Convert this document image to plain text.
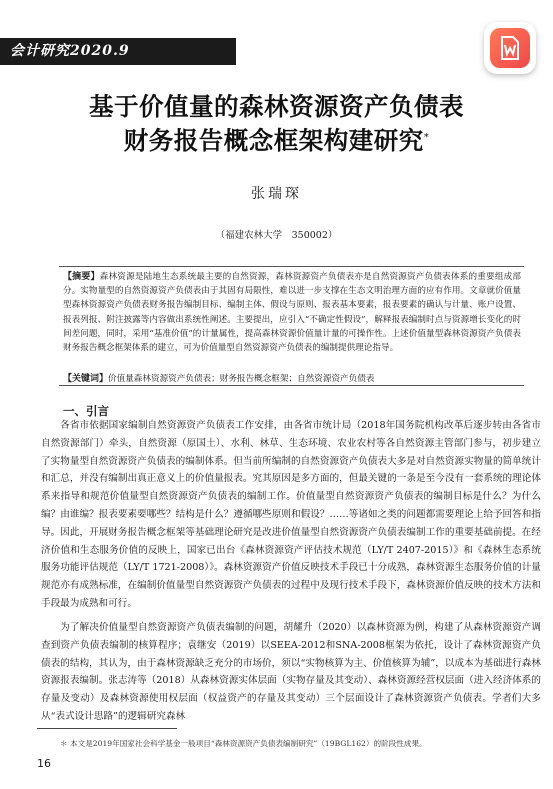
会计研究2020.9
基于价值量的森林资源资产负债表
财务报告概念框架构建研究*
张瑞琛
（福建农林大学　350002）
【摘要】森林资源是陆地生态系统最主要的自然资源，森林资源资产负债表亦是自然资源资产负债表体系的重要组成部分。实物量型的自然资源资产负债表由于其固有局限性，难以进一步支撑在生态文明治理方面的应有作用。文章就价值量型森林资源资产负债表财务报告编制目标、编制主体、假设与原则、报表基本要素，报表要素的确认与计量、账户设置、报表列报、附注披露等内容做出系统性阐述。主要提出，应引入“不确定性假设”，解释报表编制时点与资源增长变化的时间差问题，同时，采用“基准价值”的计量属性，提高森林资源价值量计量的可操作性。上述价值量型森林资源资产负债表财务报告概念框架体系的建立，可为价值量型自然资源资产负债表的编制提供理论指导。
【关键词】价值量森林资源资产负债表；财务报告概念框架；自然资源资产负债表
一、引言
各省市依据国家编制自然资源资产负债表工作安排，由各省市统计局（2018年国务院机构改革后逐步转由各省市自然资源部门）牵头，自然资源（原国土）、水利、林草、生态环境、农业农村等各自然资源主管部门参与，初步建立了实物量型自然资源资产负债表的编制体系。但当前所编制的自然资源资产负债表大多是对自然资源实物量的简单统计和汇总，并没有编制出真正意义上的价值量报表。究其原因是多方面的，但最关键的一条是至今没有一套系统的理论体系来指导和规范价值量型自然资源资产负债表的编制工作。价值量型自然资源资产负债表的编制目标是什么？为什么编？由谁编？报表要素要哪些？结构是什么？遵循哪些原则和假设？……等诸如之类的问题都需要理论上给予回答和指导。因此，开展财务报告概念框架等基础理论研究是改进价值量型自然资源资产负债表编制工作的重要基础前提。在经济价值和生态服务价值的反映上，国家已出台《森林资源资产评估技术规范（LY/T 2407-2015）》和《森林生态系统服务功能评估规范（LY/T 1721-2008）》。森林资源资产价值反映技术手段已十分成熟，森林资源生态服务价值的计量规范亦有成熟标准，在编制价值量型自然资源资产负债表的过程中及现行技术手段下，森林资源价值反映的技术方法和手段最为成熟和可行。
为了解决价值量型自然资源资产负债表编制的问题，胡耀升（2020）以森林资源为例，构建了从森林资源资产调查到资产负债表编制的核算程序；袁继安（2019）以SEEA-2012和SNA-2008框架为依托，设计了森林资源资产负债表的结构，其认为，由于森林资源缺乏充分的市场价，须以“实物核算为主、价值核算为辅”，以成本为基础进行森林资源报表编制。张志涛等（2018）从森林资源实体层面（实物存量及其变动）、森林资源经营权层面（进入经济体系的存量及变动）及森林资源使用权层面（权益资产的存量及其变动）三个层面设计了森林资源资产负债表。学者们大多从“表式设计思路”的逻辑研究森林
＊ 本文是2019年国家社会科学基金一般项目“森林资源资产负债表编制研究”（19BGL162）的阶段性成果。
16
